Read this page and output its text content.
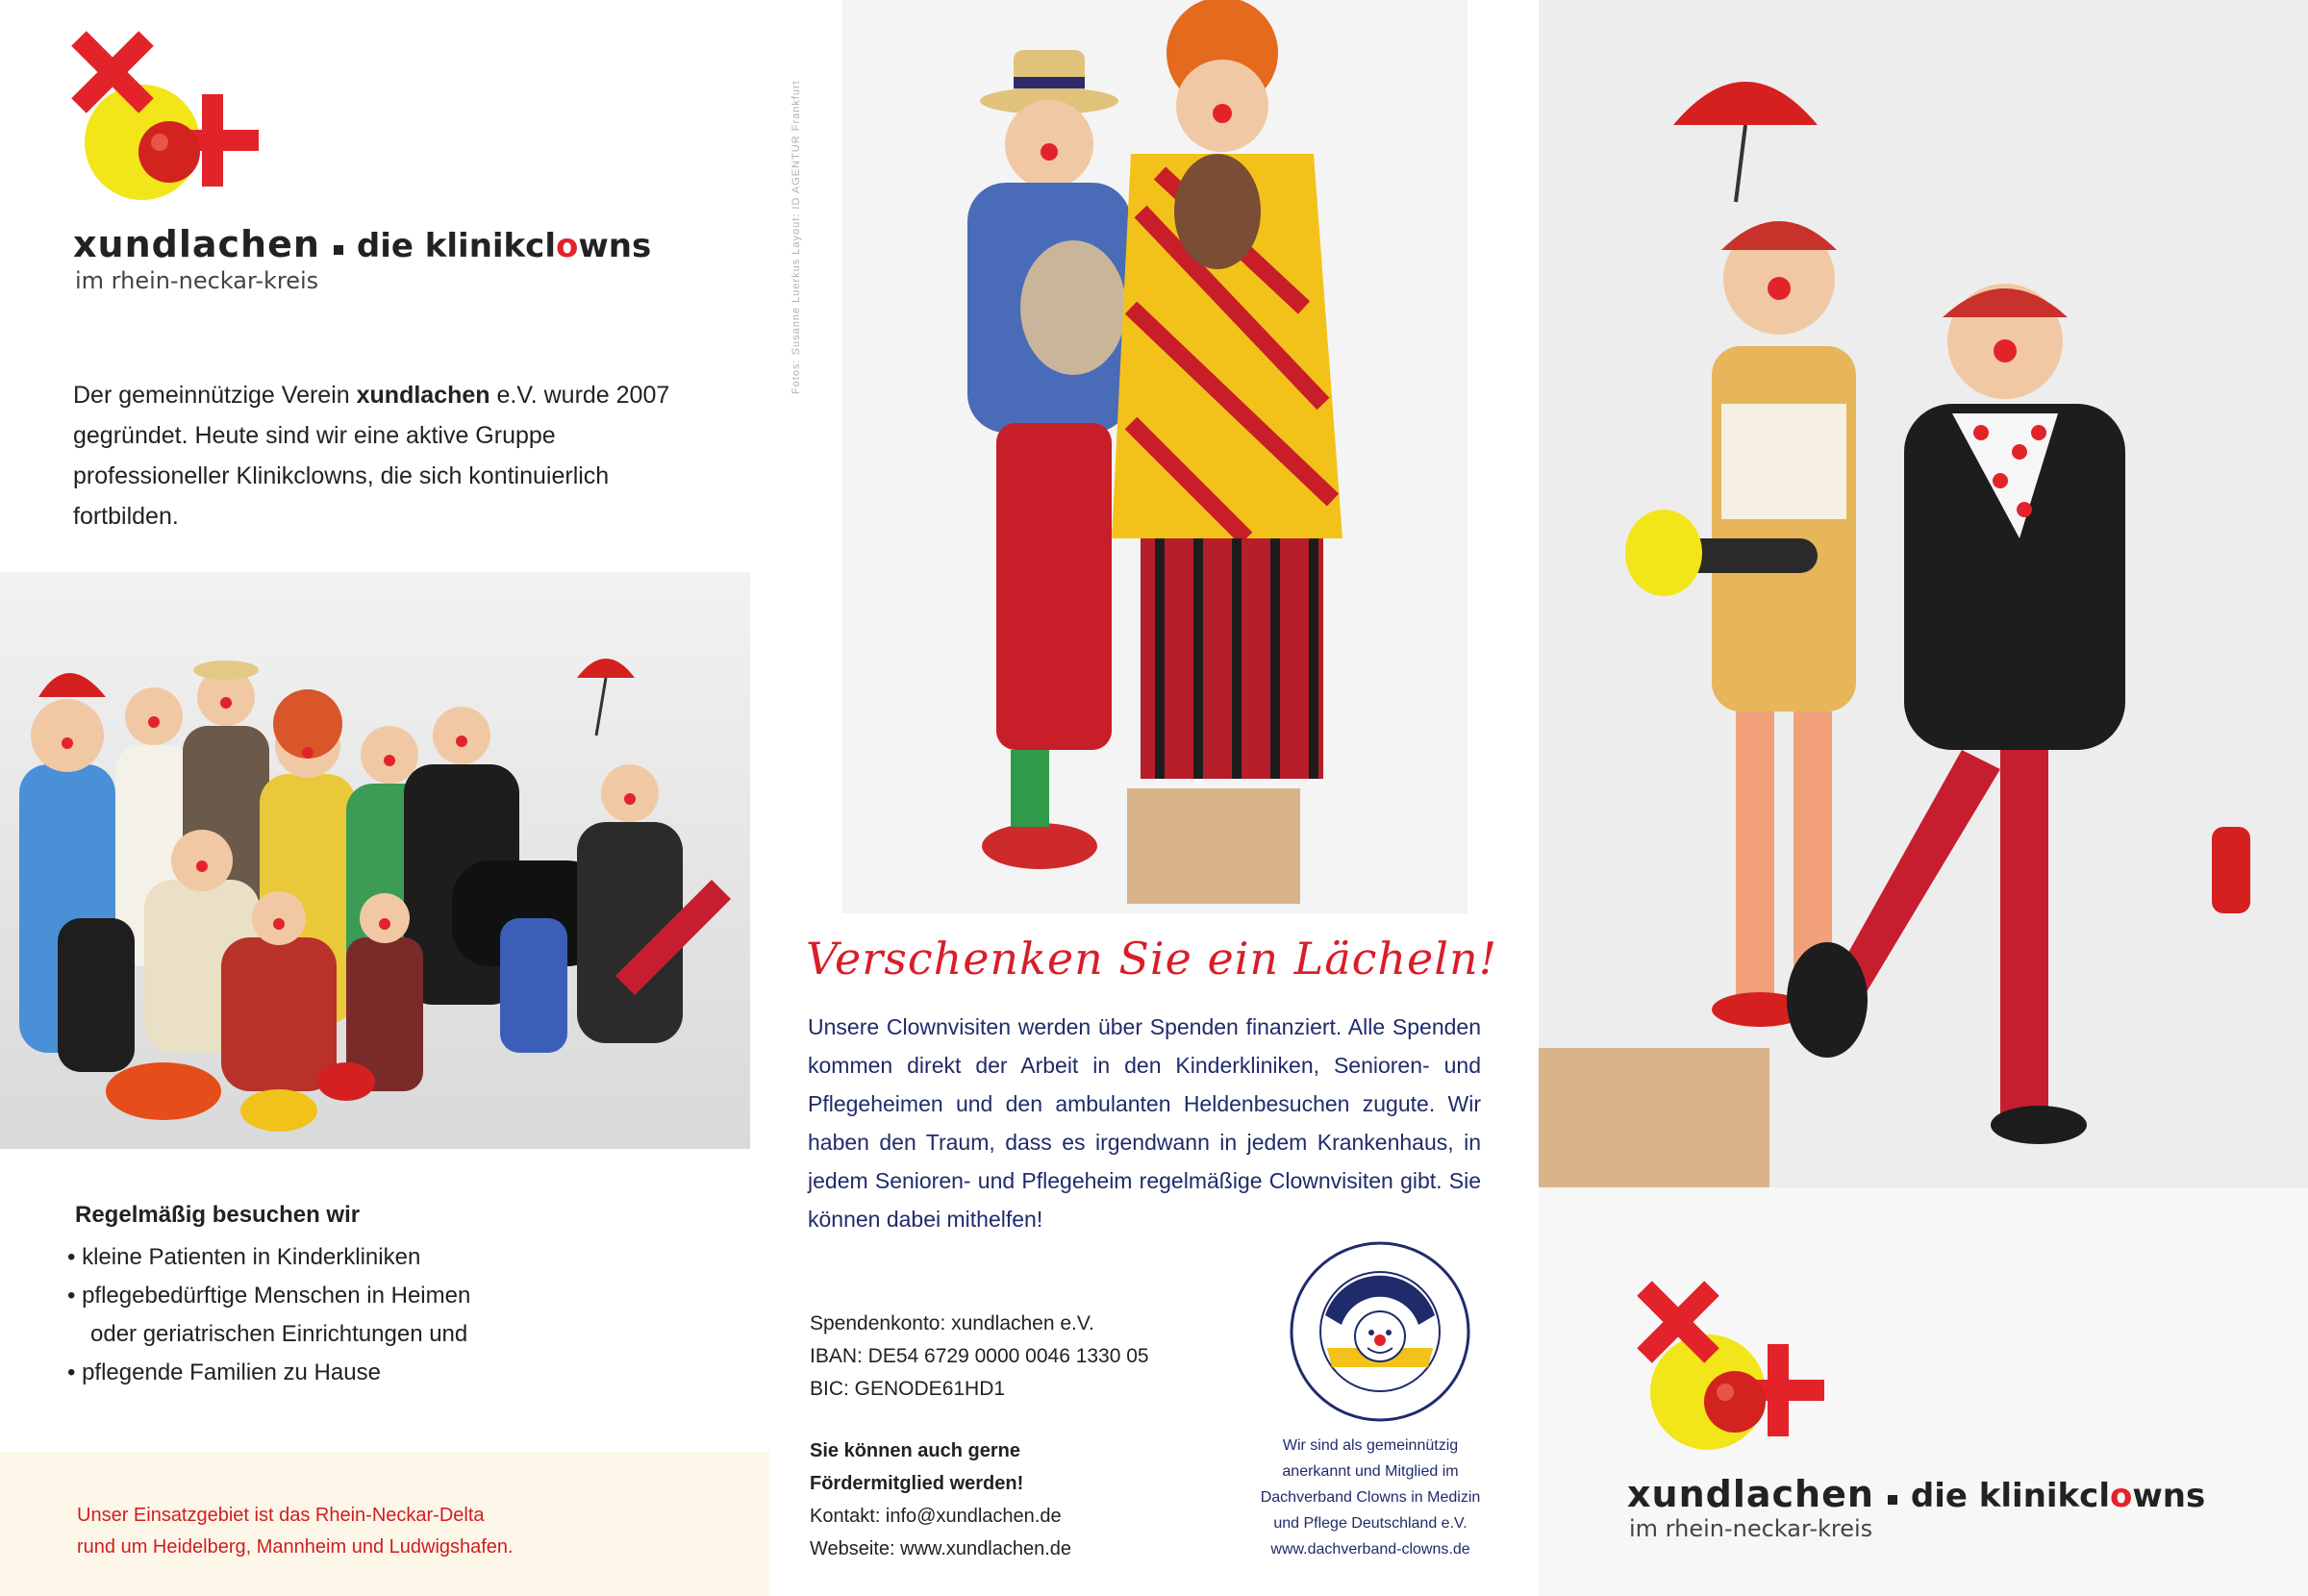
xundlachen die klinikclowns
im rhein-neckar-kreis
Der gemeinnützige Verein xundlachen e.V. wurde 2007 gegründet. Heute sind wir eine aktive Gruppe professioneller Klinikclowns, die sich kontinuierlich fortbilden.
Regelmäßig besuchen wir
• kleine Patienten in Kinderkliniken
• pflegebedürftige Menschen in Heimen
oder geriatrischen Einrichtungen und
• pflegende Familien zu Hause
Unser Einsatzgebiet ist das Rhein-Neckar-Delta
rund um Heidelberg, Mannheim und Ludwigshafen.
Fotos: Susanne Luerkus Layout: ID AGENTUR Frankfurt
Verschenken Sie ein Lächeln!
Unsere Clownvisiten werden über Spenden finanziert. Alle Spenden kommen direkt der Arbeit in den Kinderkliniken, Senioren- und Pflegeheimen und den ambulanten Heldenbesuchen zugute. Wir haben den Traum, dass es irgendwann in jedem Krankenhaus, in jedem Senioren- und Pflegeheim regelmäßige Clownvisiten gibt. Sie können dabei mithelfen!
Spendenkonto: xundlachen e.V.
IBAN: DE54 6729 0000 0046 1330 05
BIC: GENODE61HD1
Sie können auch gerne
Fördermitglied werden!
Kontakt: info@xundlachen.de
Webseite: www.xundlachen.de
Wir sind als gemeinnützig
anerkannt und Mitglied im
Dachverband Clowns in Medizin
und Pflege Deutschland e.V.
www.dachverband-clowns.de
xundlachen die klinikclowns
im rhein-neckar-kreis
